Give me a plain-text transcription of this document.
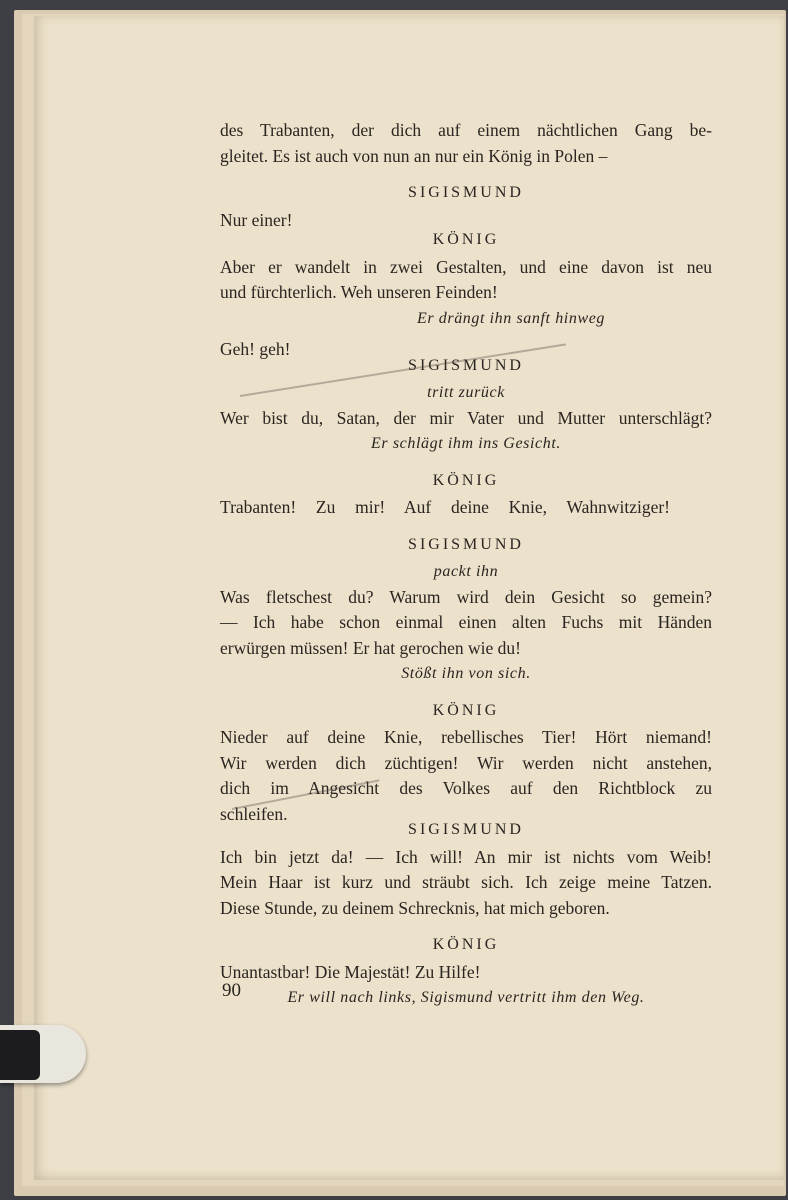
des Trabanten, der dich auf einem nächtlichen Gang be-
gleitet. Es ist auch von nun an nur ein König in Polen –
SIGISMUND
Nur einer!
KÖNIG
Aber er wandelt in zwei Gestalten, und eine davon ist neu
und fürchterlich. Weh unseren Feinden!
Er drängt ihn sanft hinweg
Geh! geh!
SIGISMUND
tritt zurück
Wer bist du, Satan, der mir Vater und Mutter unterschlägt?
Er schlägt ihm ins Gesicht.
KÖNIG
Trabanten! Zu mir! Auf deine Knie, Wahnwitziger!
SIGISMUND
packt ihn
Was fletschest du? Warum wird dein Gesicht so gemein?
— Ich habe schon einmal einen alten Fuchs mit Händen
erwürgen müssen! Er hat gerochen wie du!
Stößt ihn von sich.
KÖNIG
Nieder auf deine Knie, rebellisches Tier! Hört niemand!
Wir werden dich züchtigen! Wir werden nicht anstehen,
dich im Angesicht des Volkes auf den Richtblock zu
schleifen.
SIGISMUND
Ich bin jetzt da! — Ich will! An mir ist nichts vom Weib!
Mein Haar ist kurz und sträubt sich. Ich zeige meine Tatzen.
Diese Stunde, zu deinem Schrecknis, hat mich geboren.
KÖNIG
Unantastbar! Die Majestät! Zu Hilfe!
Er will nach links, Sigismund vertritt ihm den Weg.
90
